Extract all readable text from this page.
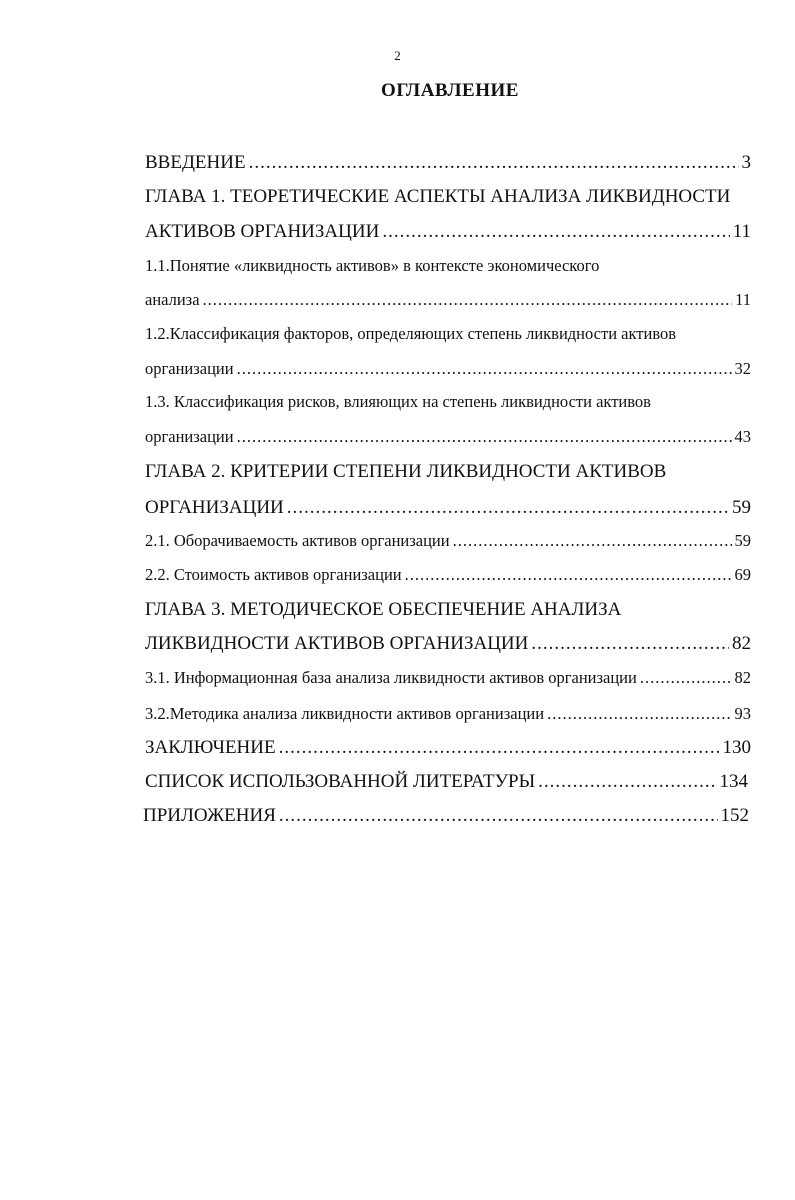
2
ОГЛАВЛЕНИЕ
ВВЕДЕНИЕ .....	3
ГЛАВА 1. ТЕОРЕТИЧЕСКИЕ АСПЕКТЫ АНАЛИЗА ЛИКВИДНОСТИ
АКТИВОВ ОРГАНИЗАЦИИ .....	11
1.1.Понятие «ликвидность активов» в контексте экономического
анализа .....	11
1.2.Классификация факторов, определяющих степень ликвидности активов
организации .....	32
1.3. Классификация рисков, влияющих на степень ликвидности активов
организации .....	43
ГЛАВА 2. КРИТЕРИИ СТЕПЕНИ ЛИКВИДНОСТИ АКТИВОВ
ОРГАНИЗАЦИИ .....	59
2.1. Оборачиваемость активов организации .....	59
2.2. Стоимость активов организации .....	69
ГЛАВА 3. МЕТОДИЧЕСКОЕ ОБЕСПЕЧЕНИЕ АНАЛИЗА
ЛИКВИДНОСТИ АКТИВОВ ОРГАНИЗАЦИИ .....	82
3.1. Информационная база анализа ликвидности активов организации .....	82
3.2.Методика анализа ликвидности активов организации .....	93
ЗАКЛЮЧЕНИЕ .....	130
СПИСОК ИСПОЛЬЗОВАННОЙ ЛИТЕРАТУРЫ .....	134
ПРИЛОЖЕНИЯ .....	152
